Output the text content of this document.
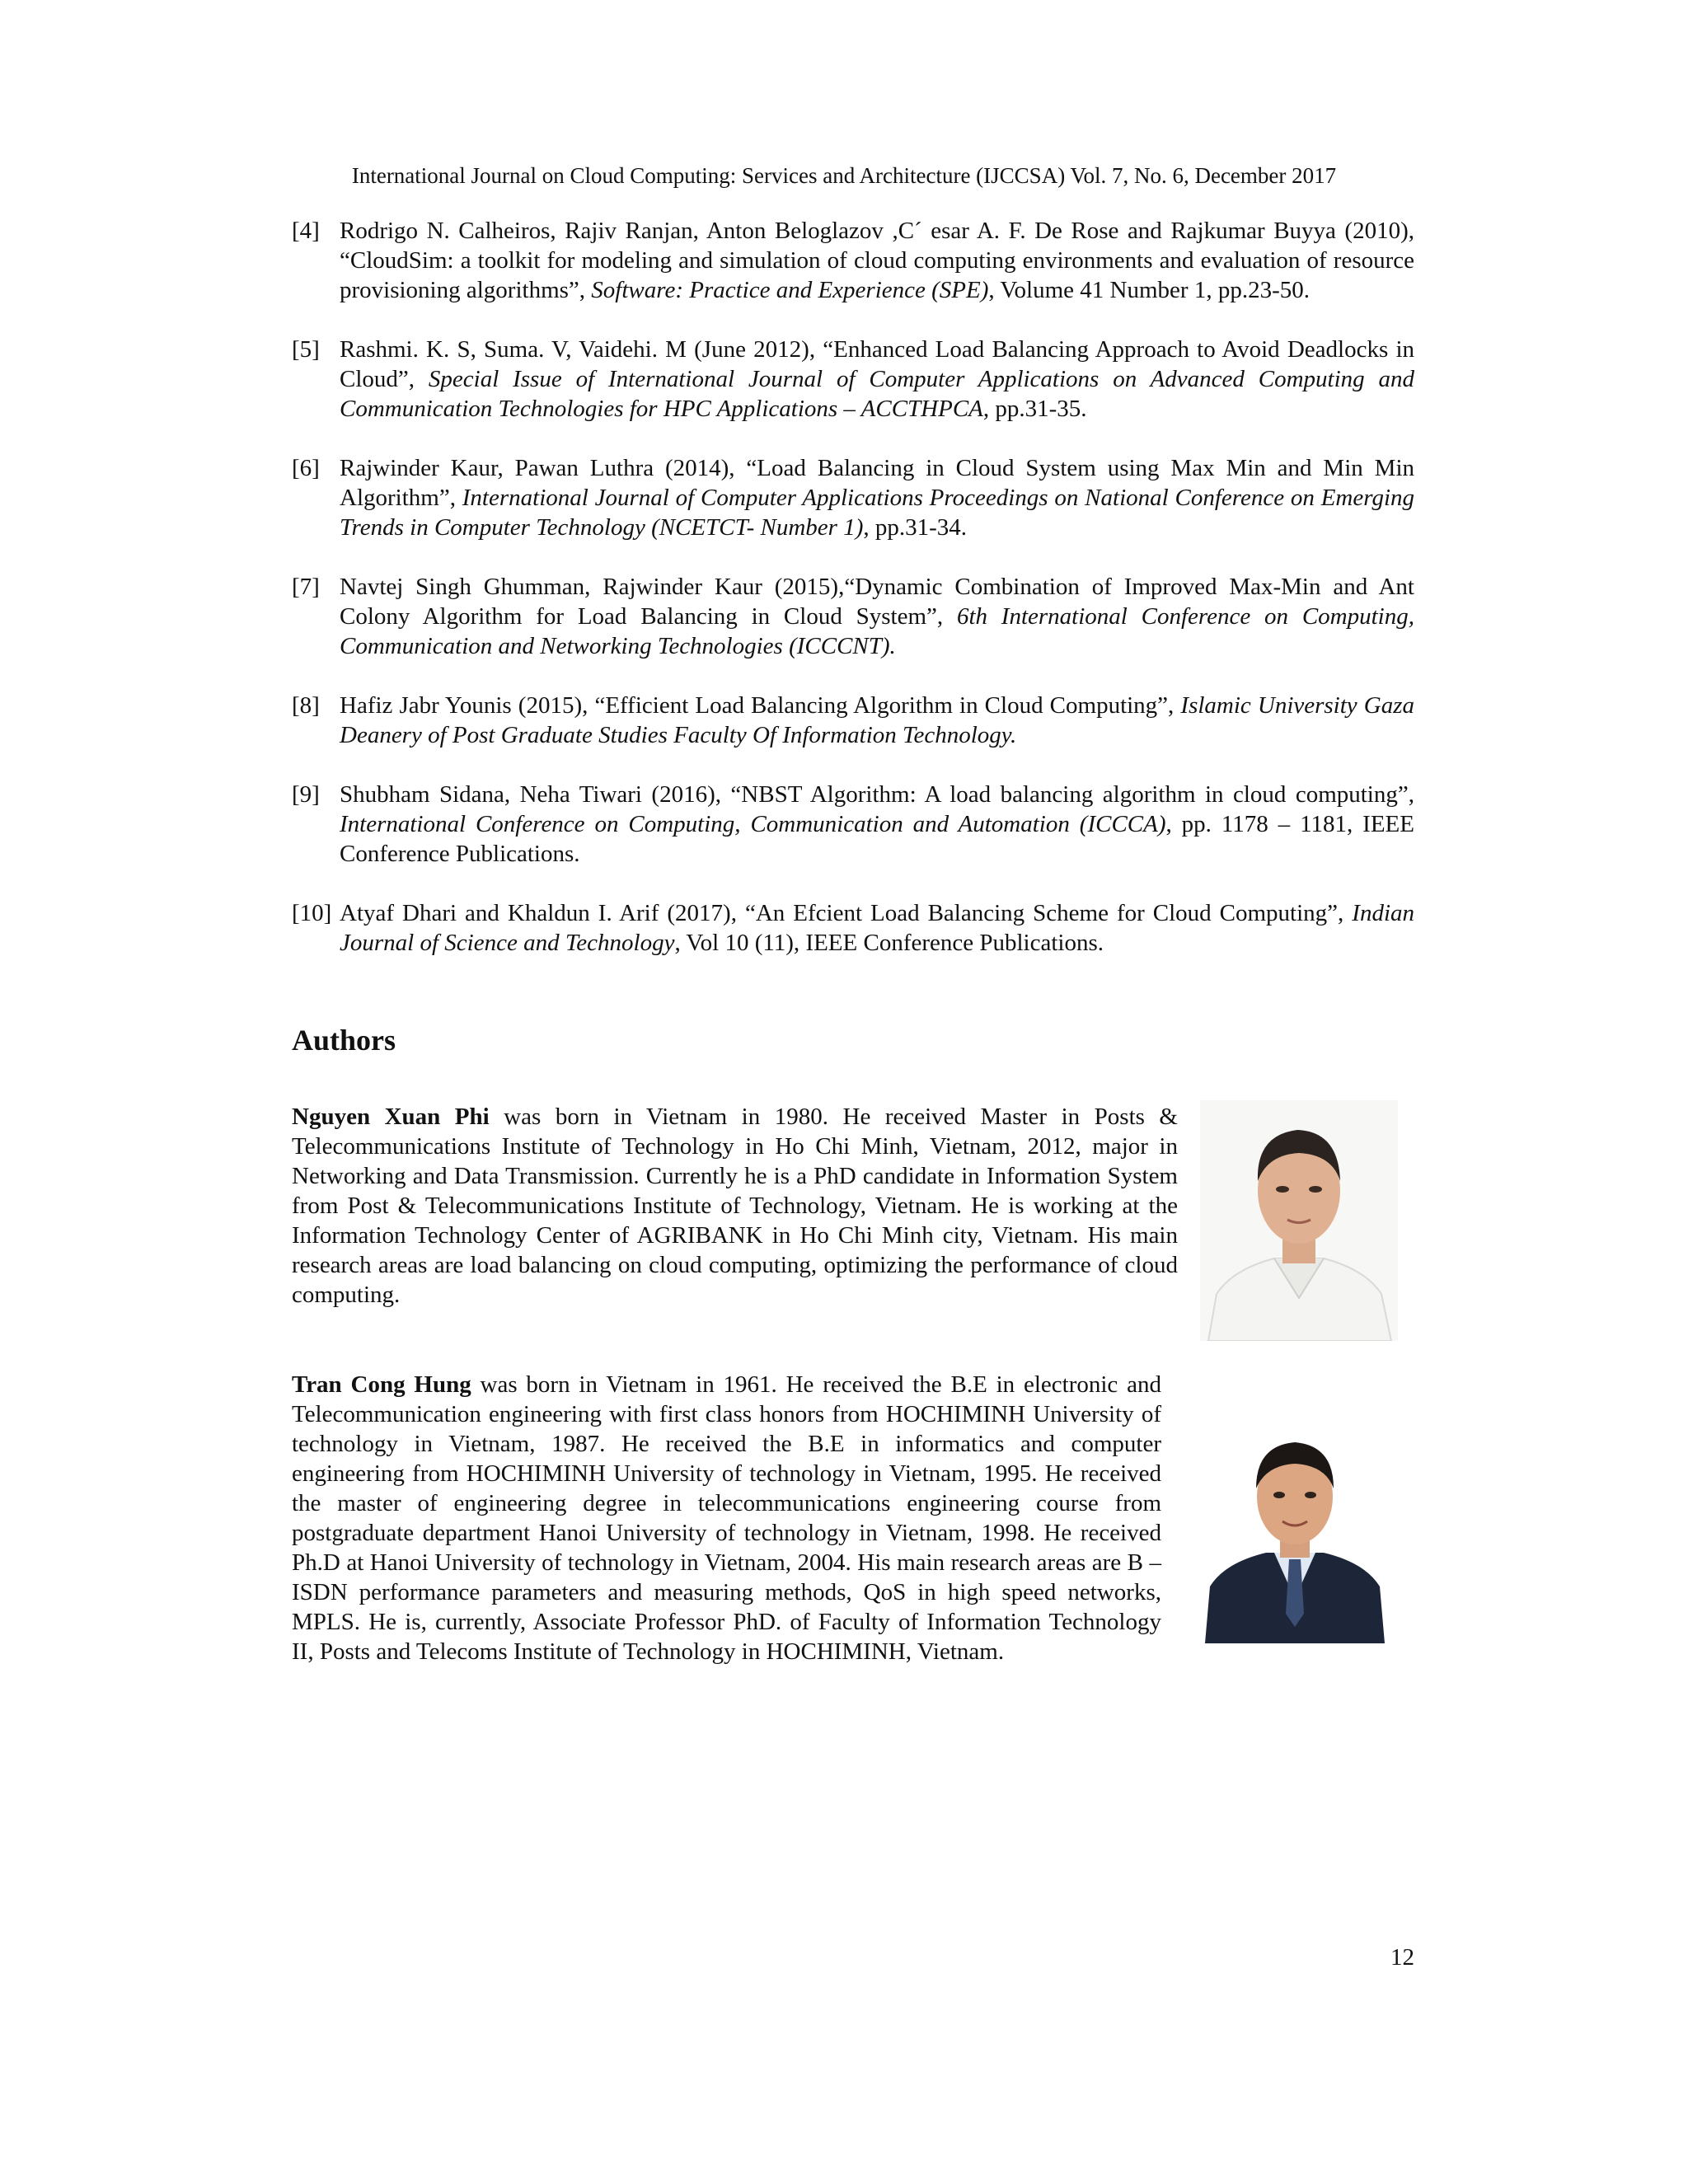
International Journal on Cloud Computing: Services and Architecture (IJCCSA) Vol. 7, No. 6, December 2017
[4] Rodrigo N. Calheiros, Rajiv Ranjan, Anton Beloglazov ,C´ esar A. F. De Rose and Rajkumar Buyya (2010), “CloudSim: a toolkit for modeling and simulation of cloud computing environments and evaluation of resource provisioning algorithms”, Software: Practice and Experience (SPE), Volume 41 Number 1, pp.23-50.
[5] Rashmi. K. S, Suma. V, Vaidehi. M (June 2012), “Enhanced Load Balancing Approach to Avoid Deadlocks in Cloud”, Special Issue of International Journal of Computer Applications on Advanced Computing and Communication Technologies for HPC Applications – ACCTHPCA, pp.31-35.
[6] Rajwinder Kaur, Pawan Luthra (2014), “Load Balancing in Cloud System using Max Min and Min Min Algorithm”, International Journal of Computer Applications Proceedings on National Conference on Emerging Trends in Computer Technology (NCETCT- Number 1), pp.31-34.
[7] Navtej Singh Ghumman, Rajwinder Kaur (2015),“Dynamic Combination of Improved Max-Min and Ant Colony Algorithm for Load Balancing in Cloud System”, 6th International Conference on Computing, Communication and Networking Technologies (ICCCNT).
[8] Hafiz Jabr Younis (2015), “Efficient Load Balancing Algorithm in Cloud Computing”, Islamic University Gaza Deanery of Post Graduate Studies Faculty Of Information Technology.
[9] Shubham Sidana, Neha Tiwari (2016), “NBST Algorithm: A load balancing algorithm in cloud computing”, International Conference on Computing, Communication and Automation (ICCCA), pp. 1178 – 1181, IEEE Conference Publications.
[10] Atyaf Dhari and Khaldun I. Arif (2017), “An Efcient Load Balancing Scheme for Cloud Computing”, Indian Journal of Science and Technology, Vol 10 (11), IEEE Conference Publications.
Authors
Nguyen Xuan Phi was born in Vietnam in 1980. He received Master in Posts & Telecommunications Institute of Technology in Ho Chi Minh, Vietnam, 2012, major in Networking and Data Transmission. Currently he is a PhD candidate in Information System from Post & Telecommunications Institute of Technology, Vietnam. He is working at the Information Technology Center of AGRIBANK in Ho Chi Minh city, Vietnam. His main research areas are load balancing on cloud computing, optimizing the performance of cloud computing.
Tran Cong Hung was born in Vietnam in 1961. He received the B.E in electronic and Telecommunication engineering with first class honors from HOCHIMINH University of technology in Vietnam, 1987. He received the B.E in informatics and computer engineering from HOCHIMINH University of technology in Vietnam, 1995. He received the master of engineering degree in telecommunications engineering course from postgraduate department Hanoi University of technology in Vietnam, 1998. He received Ph.D at Hanoi University of technology in Vietnam, 2004. His main research areas are B – ISDN performance parameters and measuring methods, QoS in high speed networks, MPLS. He is, currently, Associate Professor PhD. of Faculty of Information Technology II, Posts and Telecoms Institute of Technology in HOCHIMINH, Vietnam.
12
